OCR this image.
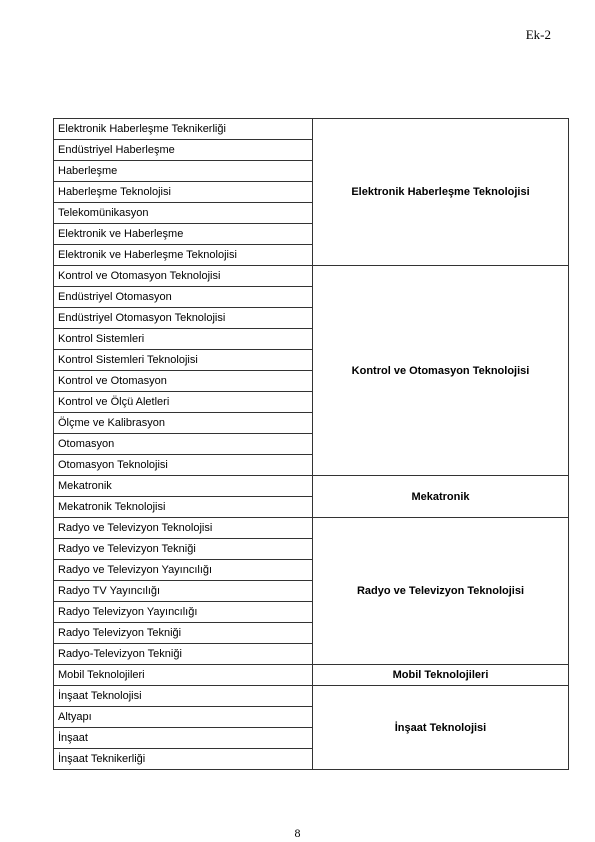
Ek-2
Elektronik Haberleşme Teknikerliği	Elektronik Haberleşme Teknolojisi
Endüstriyel Haberleşme	
Haberleşme	
Haberleşme Teknolojisi	
Telekomünikasyon	
Elektronik ve Haberleşme	
Elektronik ve Haberleşme Teknolojisi	
Kontrol ve Otomasyon Teknolojisi	Kontrol ve Otomasyon Teknolojisi
Endüstriyel Otomasyon	
Endüstriyel Otomasyon Teknolojisi	
Kontrol Sistemleri	
Kontrol Sistemleri Teknolojisi	
Kontrol ve Otomasyon	
Kontrol ve Ölçü Aletleri	
Ölçme ve Kalibrasyon	
Otomasyon	
Otomasyon Teknolojisi	
Mekatronik	Mekatronik
Mekatronik Teknolojisi	
Radyo ve Televizyon Teknolojisi	Radyo ve Televizyon Teknolojisi
Radyo ve Televizyon Tekniği	
Radyo ve Televizyon Yayıncılığı	
Radyo TV Yayıncılığı	
Radyo Televizyon Yayıncılığı	
Radyo Televizyon Tekniği	
Radyo-Televizyon Tekniği	
Mobil Teknolojileri	Mobil Teknolojileri
İnşaat Teknolojisi	İnşaat Teknolojisi
Altyapı	
İnşaat	
İnşaat Teknikerliği	
8
